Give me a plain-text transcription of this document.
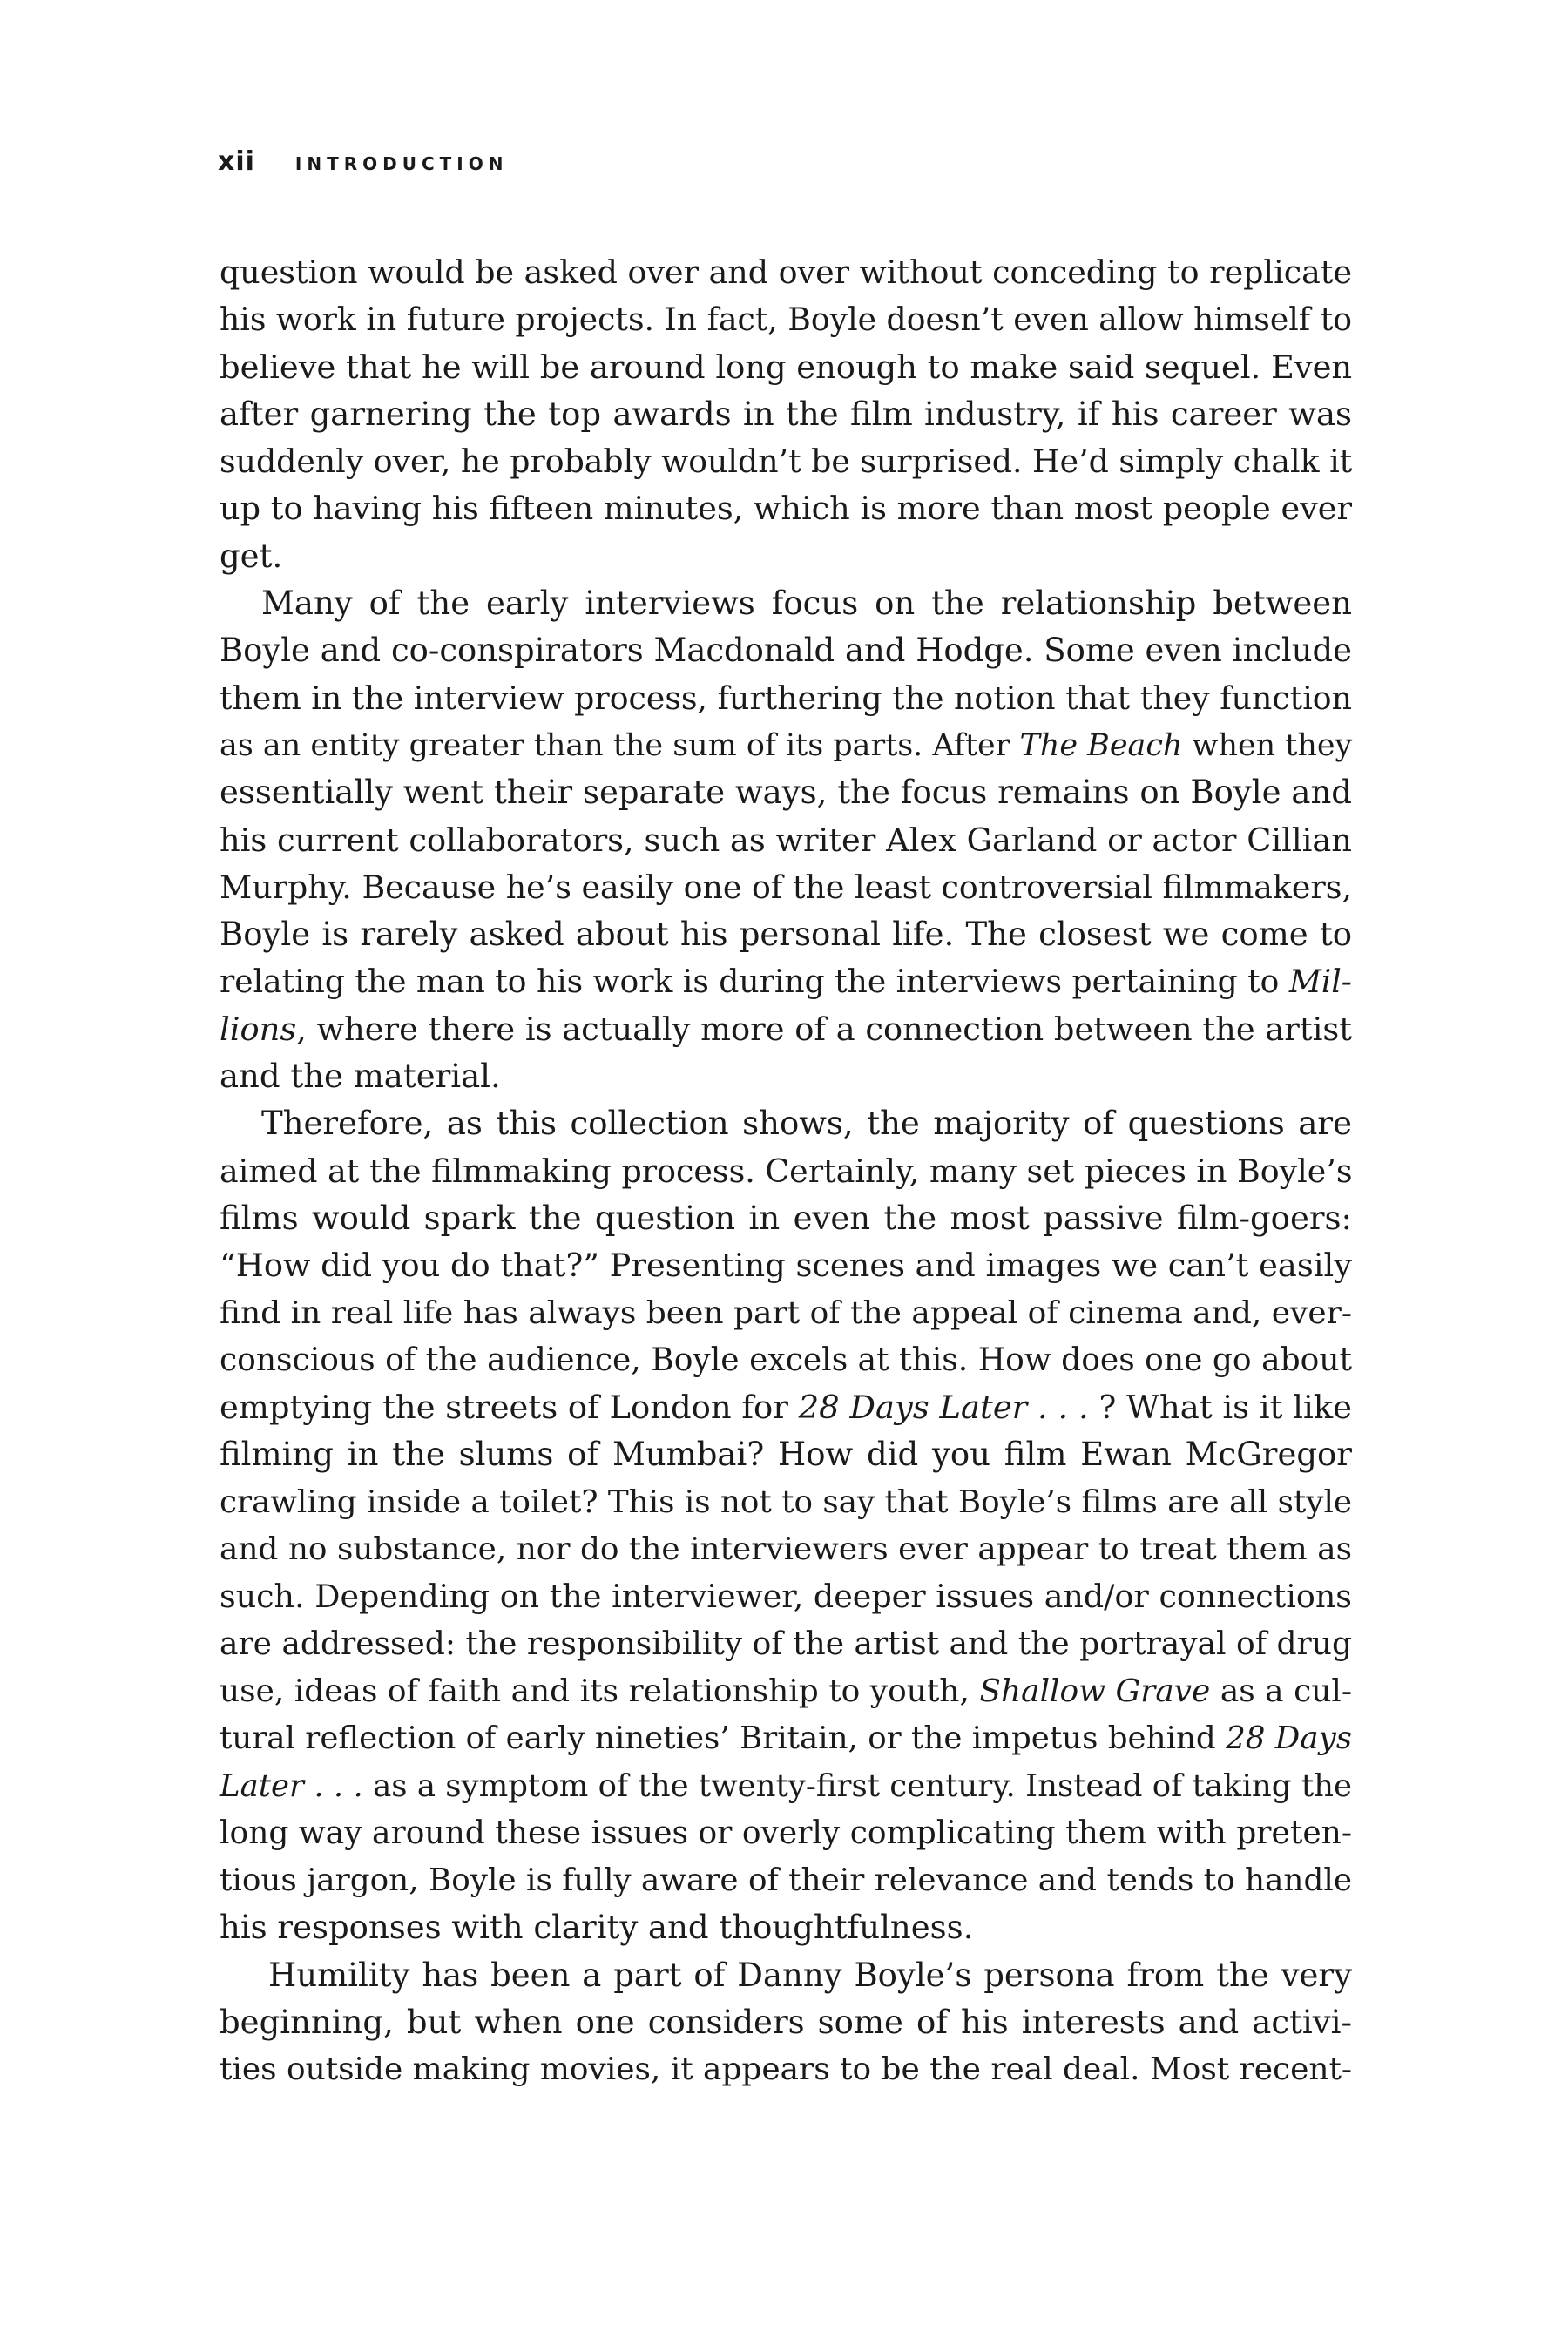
xii INTRODUCTION
question would be asked over and over without conceding to replicate
his work in future projects. In fact, Boyle doesn’t even allow himself to
believe that he will be around long enough to make said sequel. Even
after garnering the top awards in the film industry, if his career was
suddenly over, he probably wouldn’t be surprised. He’d simply chalk it
up to having his fifteen minutes, which is more than most people ever
get.
Many of the early interviews focus on the relationship between
Boyle and co-conspirators Macdonald and Hodge. Some even include
them in the interview process, furthering the notion that they function
as an entity greater than the sum of its parts. After The Beach when they
essentially went their separate ways, the focus remains on Boyle and
his current collaborators, such as writer Alex Garland or actor Cillian
Murphy. Because he’s easily one of the least controversial filmmakers,
Boyle is rarely asked about his personal life. The closest we come to
relating the man to his work is during the interviews pertaining to Mil-
lions, where there is actually more of a connection between the artist
and the material.
Therefore, as this collection shows, the majority of questions are
aimed at the filmmaking process. Certainly, many set pieces in Boyle’s
films would spark the question in even the most passive film-goers:
“How did you do that?” Presenting scenes and images we can’t easily
find in real life has always been part of the appeal of cinema and, ever-
conscious of the audience, Boyle excels at this. How does one go about
emptying the streets of London for 28 Days Later . . . ? What is it like
filming in the slums of Mumbai? How did you film Ewan McGregor
crawling inside a toilet? This is not to say that Boyle’s films are all style
and no substance, nor do the interviewers ever appear to treat them as
such. Depending on the interviewer, deeper issues and/or connections
are addressed: the responsibility of the artist and the portrayal of drug
use, ideas of faith and its relationship to youth, Shallow Grave as a cul-
tural reflection of early nineties’ Britain, or the impetus behind 28 Days
Later . . . as a symptom of the twenty-first century. Instead of taking the
long way around these issues or overly complicating them with preten-
tious jargon, Boyle is fully aware of their relevance and tends to handle
his responses with clarity and thoughtfulness.
Humility has been a part of Danny Boyle’s persona from the very
beginning, but when one considers some of his interests and activi-
ties outside making movies, it appears to be the real deal. Most recent-
